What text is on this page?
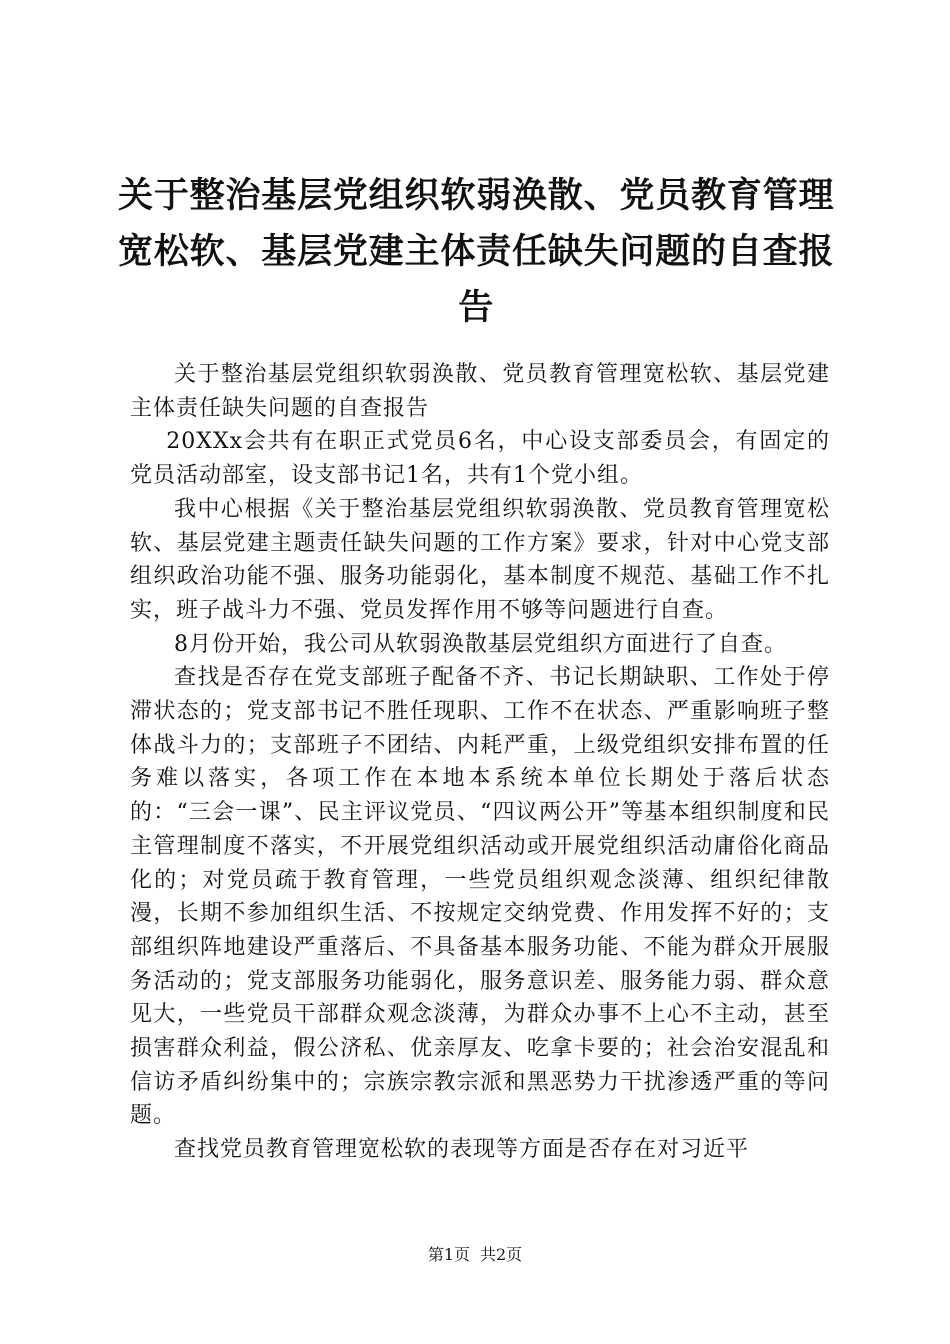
关于整治基层党组织软弱涣散、党员教育管理宽松软、基层党建主体责任缺失问题的自查报告

关于整治基层党组织软弱涣散、党员教育管理宽松软、基层党建主体责任缺失问题的自查报告

20XXx会共有在职正式党员6名，中心设支部委员会，有固定的党员活动部室，设支部书记1名，共有1个党小组。

我中心根据《关于整治基层党组织软弱涣散、党员教育管理宽松软、基层党建主题责任缺失问题的工作方案》要求，针对中心党支部组织政治功能不强、服务功能弱化，基本制度不规范、基础工作不扎实，班子战斗力不强、党员发挥作用不够等问题进行自查。

8月份开始，我公司从软弱涣散基层党组织方面进行了自查。

查找是否存在党支部班子配备不齐、书记长期缺职、工作处于停滞状态的；党支部书记不胜任现职、工作不在状态、严重影响班子整体战斗力的；支部班子不团结、内耗严重，上级党组织安排布置的任务难以落实，各项工作在本地本系统本单位长期处于落后状态的：“三会一课”、民主评议党员、“四议两公开”等基本组织制度和民主管理制度不落实，不开展党组织活动或开展党组织活动庸俗化商品化的；对党员疏于教育管理，一些党员组织观念淡薄、组织纪律散漫，长期不参加组织生活、不按规定交纳党费、作用发挥不好的；支部组织阵地建设严重落后、不具备基本服务功能、不能为群众开展服务活动的；党支部服务功能弱化，服务意识差、服务能力弱、群众意见大，一些党员干部群众观念淡薄，为群众办事不上心不主动，甚至损害群众利益，假公济私、优亲厚友、吃拿卡要的；社会治安混乱和信访矛盾纠纷集中的；宗族宗教宗派和黑恶势力干扰渗透严重的等问题。

查找党员教育管理宽松软的表现等方面是否存在对习近平

第1页 共2页
